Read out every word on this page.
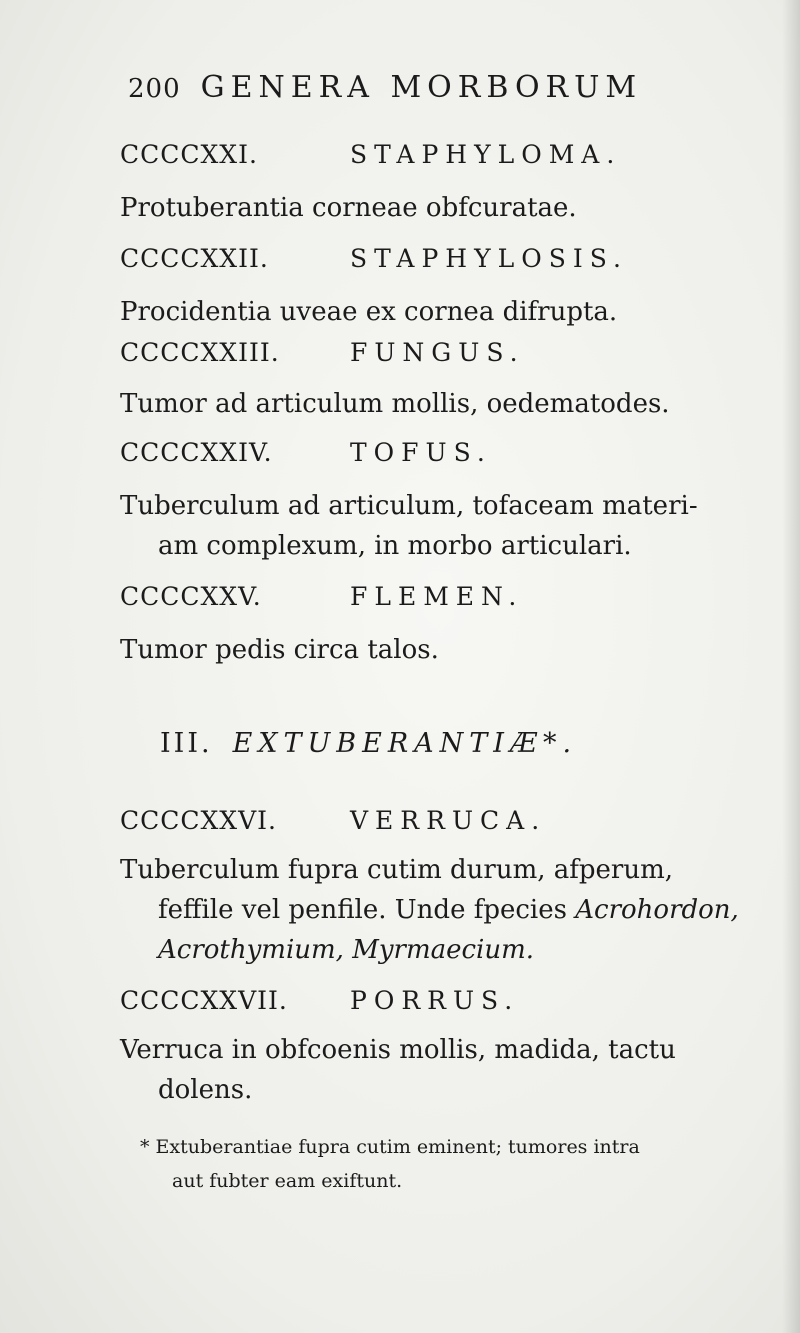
200 GENERA MORBORUM
CCCCXXI.	STAPHYLOMA.
Protuberantia corneae obfcuratae.
CCCCXXII.	STAPHYLOSIS.
Procidentia uveae ex cornea difrupta.
CCCCXXIII.	FUNGUS.
Tumor ad articulum mollis, oedematodes.
CCCCXXIV.	TOFUS.
Tuberculum ad articulum, tofaceam materi-
am complexum, in morbo articulari.
CCCCXXV.	FLEMEN.
Tumor pedis circa talos.
III. EXTUBERANTIÆ*.
CCCCXXVI.	VERRUCA.
Tuberculum fupra cutim durum, afperum,
feffile vel penfile. Unde fpecies Acrohordon,
Acrothymium, Myrmaecium.
CCCCXXVII.	PORRUS.
Verruca in obfcoenis mollis, madida, tactu
dolens.
* Extuberantiae fupra cutim eminent; tumores intra
aut fubter eam exiftunt.
